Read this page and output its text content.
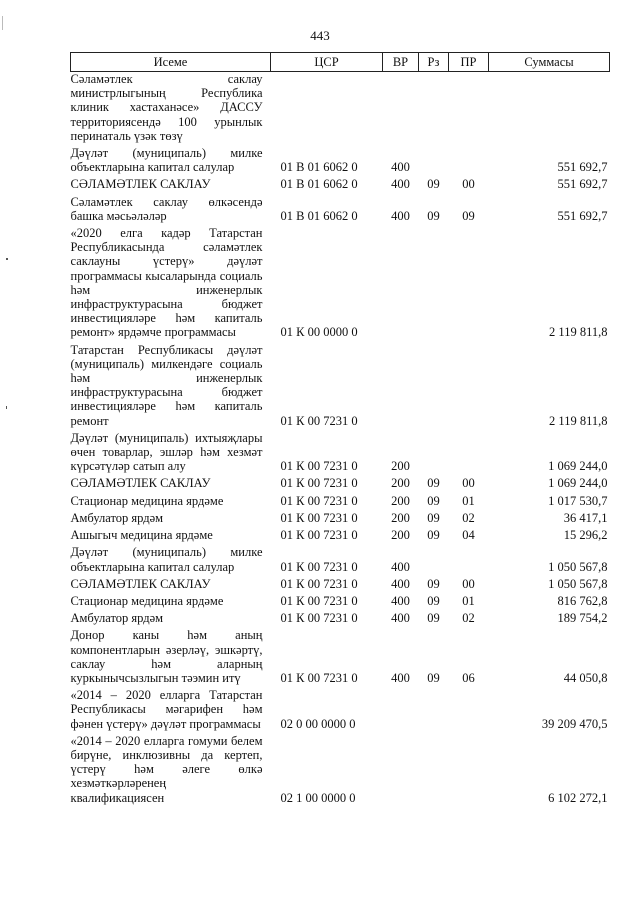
443
Исеме	ЦСР	ВР	Рз	ПР	Суммасы
Сәламәтлек саклау министрлыгының Республика клиник хастаханәсе» ДАССУ территориясендә 100 урынлык перинаталь үзәк төзү					
Дәүләт (муниципаль) милке объектларына капитал салулар	01 В 01 6062 0	400			551 692,7
СӘЛАМӘТЛЕК САКЛАУ	01 В 01 6062 0	400	09	00	551 692,7
Сәламәтлек саклау өлкәсендә башка мәсьәләләр	01 В 01 6062 0	400	09	09	551 692,7
«2020 елга кадәр Татарстан Республикасында сәламәтлек саклауны үстерү» дәүләт программасы кысаларында социаль һәм инженерлык инфраструктурасына бюджет инвестицияләре һәм капиталь ремонт» ярдәмче программасы	01 К 00 0000 0				2 119 811,8
Татарстан Республикасы дәүләт (муниципаль) милкендәге социаль һәм инженерлык инфраструктурасына бюджет инвестицияләре һәм капиталь ремонт	01 К 00 7231 0				2 119 811,8
Дәүләт (муниципаль) ихтыяҗлары өчен товарлар, эшләр һәм хезмәт күрсәтүләр сатып алу	01 К 00 7231 0	200			1 069 244,0
СӘЛАМӘТЛЕК САКЛАУ	01 К 00 7231 0	200	09	00	1 069 244,0
Стационар медицина ярдәме	01 К 00 7231 0	200	09	01	1 017 530,7
Амбулатор ярдәм	01 К 00 7231 0	200	09	02	36 417,1
Ашыгыч медицина ярдәме	01 К 00 7231 0	200	09	04	15 296,2
Дәүләт (муниципаль) милке объектларына капитал салулар	01 К 00 7231 0	400			1 050 567,8
СӘЛАМӘТЛЕК САКЛАУ	01 К 00 7231 0	400	09	00	1 050 567,8
Стационар медицина ярдәме	01 К 00 7231 0	400	09	01	816 762,8
Амбулатор ярдәм	01 К 00 7231 0	400	09	02	189 754,2
Донор каны һәм аның компонентларын әзерләү, эшкәртү, саклау һәм аларның куркынычсызлыгын тәэмин итү	01 К 00 7231 0	400	09	06	44 050,8
«2014 – 2020 елларга Татарстан Республикасы мәгарифен һәм фәнен үстерү» дәүләт программасы	02 0 00 0000 0				39 209 470,5
«2014 – 2020 елларга гомуми белем бирүне, инклюзивны да кертеп, үстерү һәм әлеге өлкә хезмәткәрләренең квалификациясен	02 1 00 0000 0				6 102 272,1
